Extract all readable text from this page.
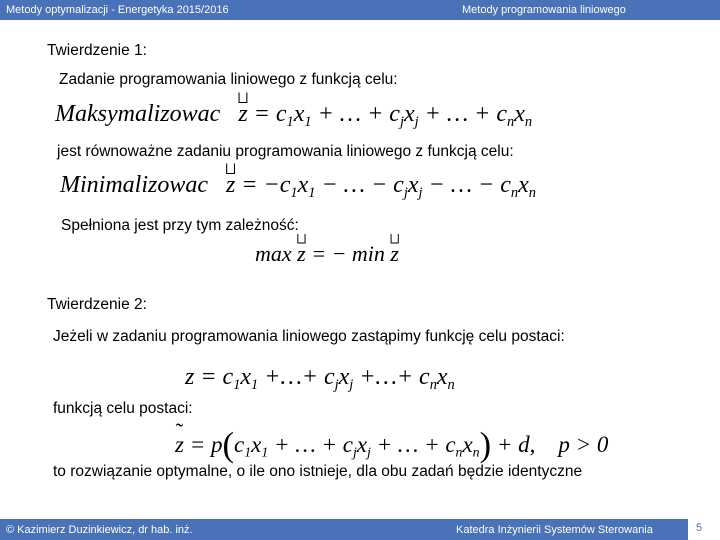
Metody optymalizacji - Energetyka 2015/2016	Metody programowania liniowego
Twierdzenie 1:
Zadanie programowania liniowego z funkcją celu:
Maksymalizowac ⨆ $z = c_1x_1$ + … + $c_jx_j$ + … + $c_nx_n$
jest równoważne zadaniu programowania liniowego z funkcją celu:
Minimalizowac ⨆ $z = -c_1x_1$ − … − $c_jx_j$ − … − $c_nx_n$
Spełniona jest przy tym zależność:
max ⨆ z = − min ⨆ z
Twierdzenie 2:
Jeżeli w zadaniu programowania liniowego zastąpimy funkcję celu postaci:
$z = c_1x_1$ +…+ $c_jx_j$ +…+ $c_nx_n$
funkcją celu postaci:
˜ $z = p(c_1x_1$ + … + $c_jx_j$ + … + $c_nx_n) + d$,    p > 0
to rozwiązanie optymalne, o ile ono istnieje, dla obu zadań będzie identyczne
© Kazimierz Duzinkiewicz, dr hab. inż.	Katedra Inżynierii Systemów Sterowania	5
